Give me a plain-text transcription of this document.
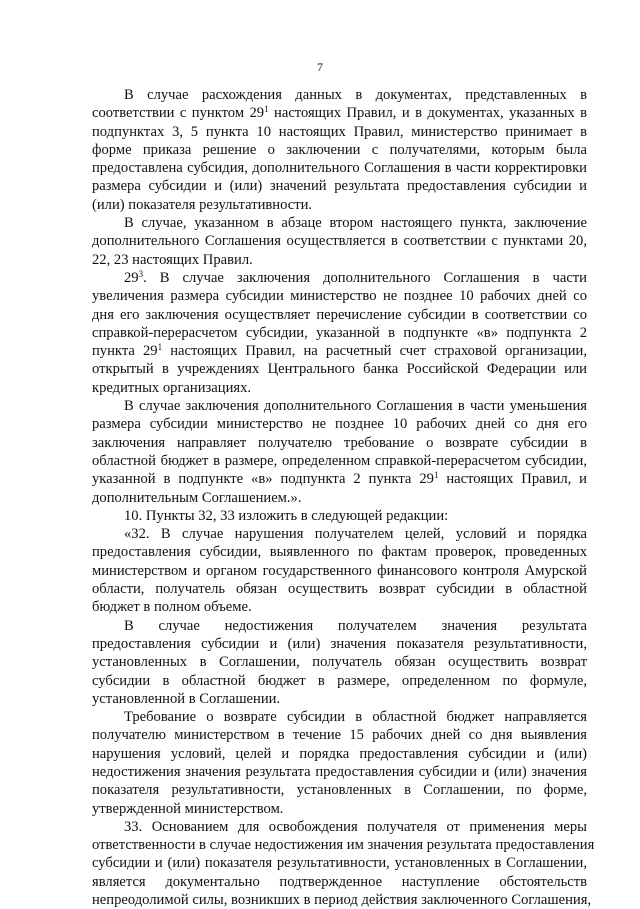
7
В случае расхождения данных в документах, представленных в
соответствии с пунктом $29^1$ настоящих Правил, и в документах, указанных в
подпунктах 3, 5 пункта 10 настоящих Правил, министерство принимает в
форме приказа решение о заключении с получателями, которым была
предоставлена субсидия, дополнительного Соглашения в части корректировки
размера субсидии и (или) значений результата предоставления субсидии и
(или) показателя результативности.
В случае, указанном в абзаце втором настоящего пункта, заключение
дополнительного Соглашения осуществляется в соответствии с пунктами 20,
22, 23 настоящих Правил.
$29^3$. В случае заключения дополнительного Соглашения в части
увеличения размера субсидии министерство не позднее 10 рабочих дней со
дня его заключения осуществляет перечисление субсидии в соответствии со
справкой-перерасчетом субсидии, указанной в подпункте «в» подпункта 2
пункта $29^1$ настоящих Правил, на расчетный счет страховой организации,
открытый в учреждениях Центрального банка Российской Федерации или
кредитных организациях.
В случае заключения дополнительного Соглашения в части уменьшения
размера субсидии министерство не позднее 10 рабочих дней со дня его
заключения направляет получателю требование о возврате субсидии в
областной бюджет в размере, определенном справкой-перерасчетом субсидии,
указанной в подпункте «в» подпункта 2 пункта $29^1$ настоящих Правил, и
дополнительным Соглашением.».
10. Пункты 32, 33 изложить в следующей редакции:
«32. В случае нарушения получателем целей, условий и порядка
предоставления субсидии, выявленного по фактам проверок, проведенных
министерством и органом государственного финансового контроля Амурской
области, получатель обязан осуществить возврат субсидии в областной
бюджет в полном объеме.
В случае недостижения получателем значения результата
предоставления субсидии и (или) значения показателя результативности,
установленных в Соглашении, получатель обязан осуществить возврат
субсидии в областной бюджет в размере, определенном по формуле,
установленной в Соглашении.
Требование о возврате субсидии в областной бюджет направляется
получателю министерством в течение 15 рабочих дней со дня выявления
нарушения условий, целей и порядка предоставления субсидии и (или)
недостижения значения результата предоставления субсидии и (или) значения
показателя результативности, установленных в Соглашении, по форме,
утвержденной министерством.
33. Основанием для освобождения получателя от применения меры
ответственности в случае недостижения им значения результата предоставления
субсидии и (или) показателя результативности, установленных в Соглашении,
является документально подтвержденное наступление обстоятельств
непреодолимой силы, возникших в период действия заключенного Соглашения,
